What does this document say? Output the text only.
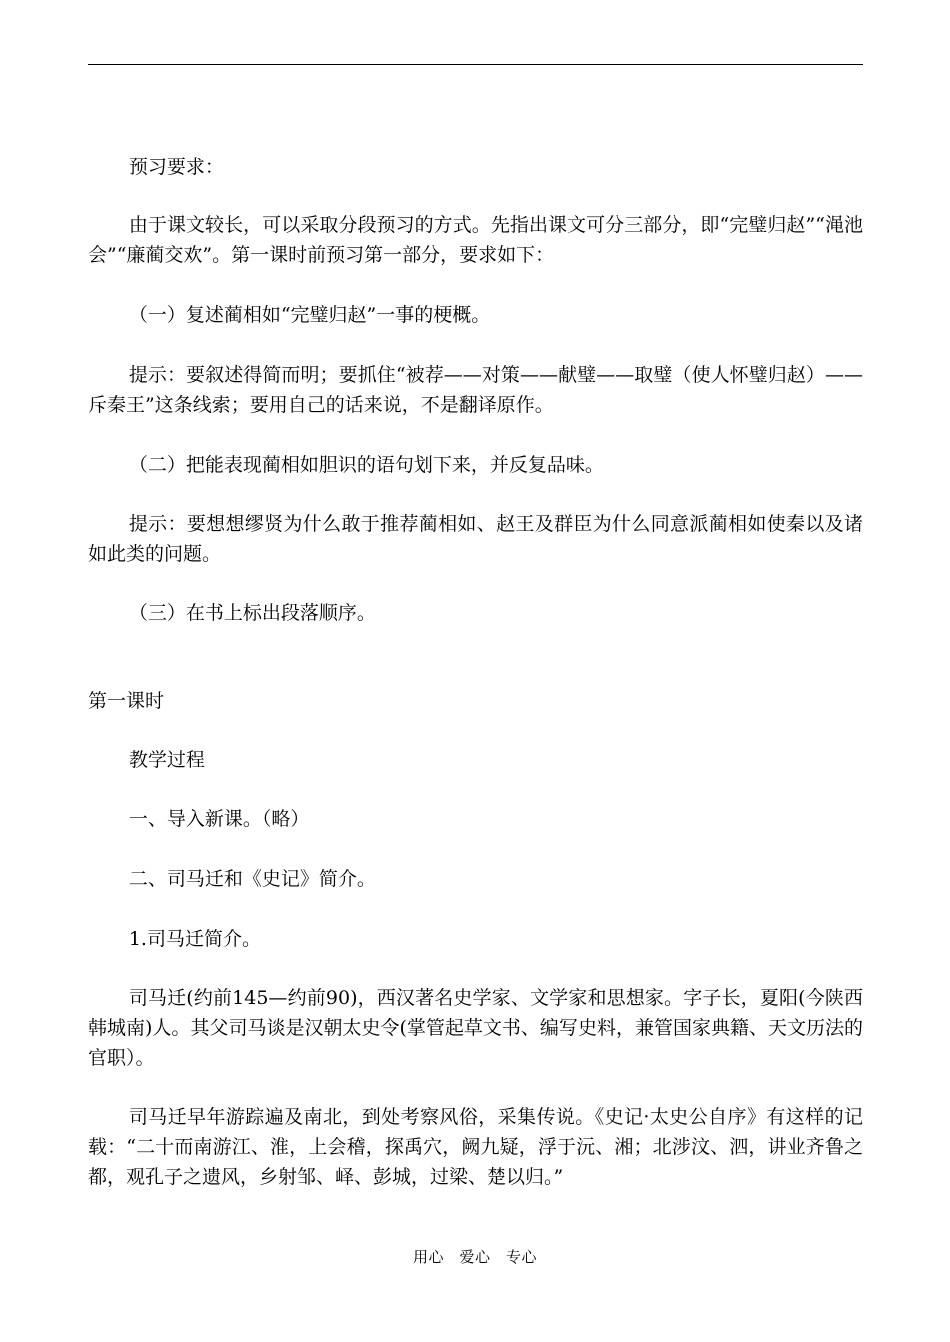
预习要求：

由于课文较长，可以采取分段预习的方式。先指出课文可分三部分，即“完璧归赵”“渑池会”“廉蔺交欢”。第一课时前预习第一部分，要求如下：

（一）复述蔺相如“完璧归赵”一事的梗概。

提示：要叙述得简而明；要抓住“被荐——对策——献璧——取璧（使人怀璧归赵）——斥秦王”这条线索；要用自己的话来说，不是翻译原作。

（二）把能表现蔺相如胆识的语句划下来，并反复品味。

提示：要想想缪贤为什么敢于推荐蔺相如、赵王及群臣为什么同意派蔺相如使秦以及诸如此类的问题。

（三）在书上标出段落顺序。

第一课时

教学过程

一、导入新课。（略）

二、司马迁和《史记》简介。

1.司马迁简介。

司马迁(约前145—约前90)，西汉著名史学家、文学家和思想家。字子长，夏阳(今陕西韩城南)人。其父司马谈是汉朝太史令(掌管起草文书、编写史料，兼管国家典籍、天文历法的官职）。

司马迁早年游踪遍及南北，到处考察风俗，采集传说。《史记·太史公自序》有这样的记载：“二十而南游江、淮，上会稽，探禹穴，阙九疑，浮于沅、湘；北涉汶、泗，讲业齐鲁之都，观孔子之遗风，乡射邹、峄、彭城，过梁、楚以归。”

用心　爱心　专心
